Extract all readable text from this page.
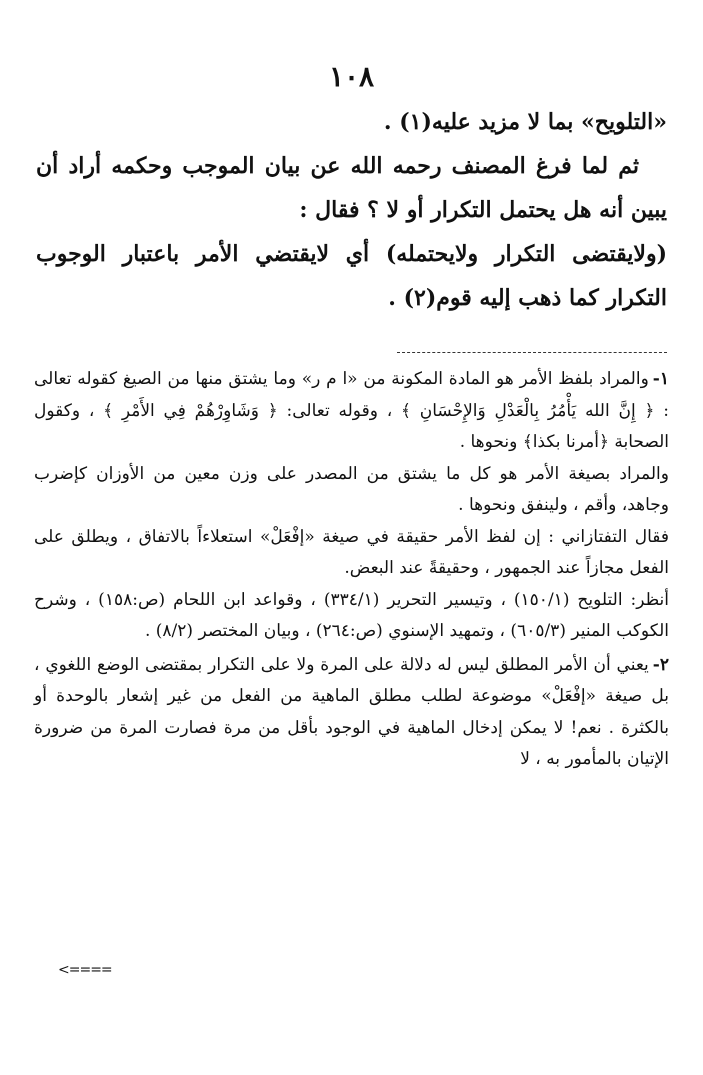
١٠٨

«التلويح» بما لا مزيد عليه(١) .

ثم لما فرغ المصنف رحمه الله عن بيان الموجب وحكمه أراد أن يبين أنه هل يحتمل التكرار أو لا ؟ فقال :

(ولايقتضى التكرار ولايحتمله) أي لايقتضي الأمر باعتبار الوجوب التكرار كما ذهب إليه قوم(٢) .

١-والمراد بلفظ الأمر هو المادة المكونة من «ا م ر» وما يشتق منها من الصيغ كقوله تعالى : ﴿ إِنَّ الله يَأْمُرُ بِالْعَدْلِ وَالإِحْسَانِ ﴾ ، وقوله تعالى: ﴿ وَشَاوِرْهُمْ فِي الأَمْرِ ﴾ ، وكقول الصحابة ﴿أمرنا بكذا﴾ ونحوها .

والمراد بصيغة الأمر هو كل ما يشتق من المصدر على وزن معين من الأوزان كإضرب وجاهد، وأقم ، ولينفق ونحوها .

فقال التفتازاني : إن لفظ الأمر حقيقة في صيغة «إفْعَلْ» استعلاءاً بالاتفاق ، ويطلق على الفعل مجازاً عند الجمهور ، وحقيقةً عند البعض.

أنظر: التلويح (١٥٠/١) ، وتيسير التحرير (٣٣٤/١) ، وقواعد ابن اللحام (ص:١٥٨) ، وشرح الكوكب المنير (٦٠٥/٣) ، وتمهيد الإسنوي (ص:٢٦٤) ، وبيان المختصر (٨/٢) .

٢-يعني أن الأمر المطلق ليس له دلالة على المرة ولا على التكرار بمقتضى الوضع اللغوي ، بل صيغة «إفْعَلْ» موضوعة لطلب مطلق الماهية من الفعل من غير إشعار بالوحدة أو بالكثرة . نعم! لا يمكن إدخال الماهية في الوجود بأقل من مرة فصارت المرة من ضرورة الإتيان بالمأمور به ، لا

<====
